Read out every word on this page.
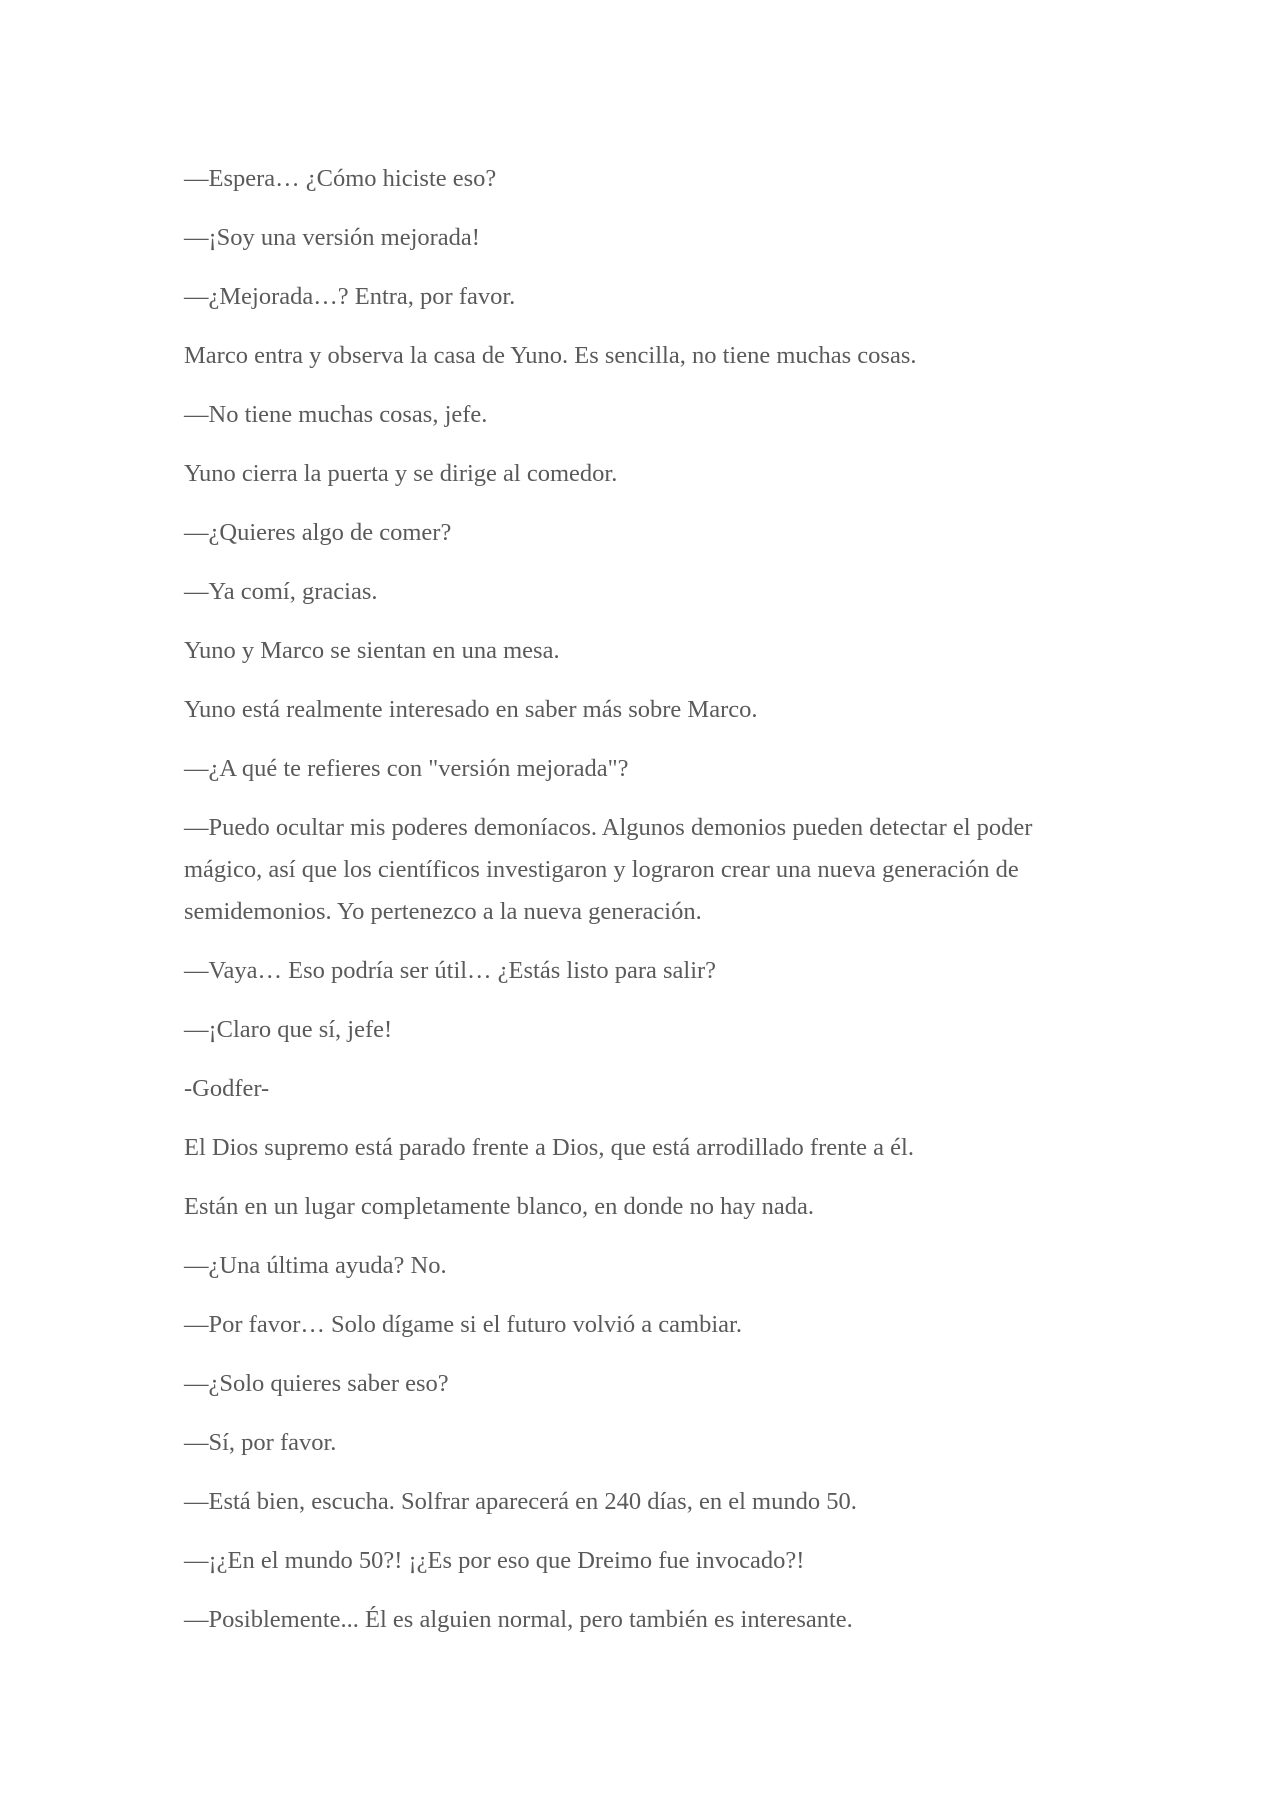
—Espera… ¿Cómo hiciste eso?

—¡Soy una versión mejorada!

—¿Mejorada…? Entra, por favor.

Marco entra y observa la casa de Yuno. Es sencilla, no tiene muchas cosas.

—No tiene muchas cosas, jefe.

Yuno cierra la puerta y se dirige al comedor.

—¿Quieres algo de comer?

—Ya comí, gracias.

Yuno y Marco se sientan en una mesa.

Yuno está realmente interesado en saber más sobre Marco.

—¿A qué te refieres con "versión mejorada"?

—Puedo ocultar mis poderes demoníacos. Algunos demonios pueden detectar el poder mágico, así que los científicos investigaron y lograron crear una nueva generación de semidemonios. Yo pertenezco a la nueva generación.

—Vaya… Eso podría ser útil… ¿Estás listo para salir?

—¡Claro que sí, jefe!

-Godfer-

El Dios supremo está parado frente a Dios, que está arrodillado frente a él.

Están en un lugar completamente blanco, en donde no hay nada.

—¿Una última ayuda? No.

—Por favor… Solo dígame si el futuro volvió a cambiar.

—¿Solo quieres saber eso?

—Sí, por favor.

—Está bien, escucha. Solfrar aparecerá en 240 días, en el mundo 50.

—¡¿En el mundo 50?! ¡¿Es por eso que Dreimo fue invocado?!

—Posiblemente... Él es alguien normal, pero también es interesante.
